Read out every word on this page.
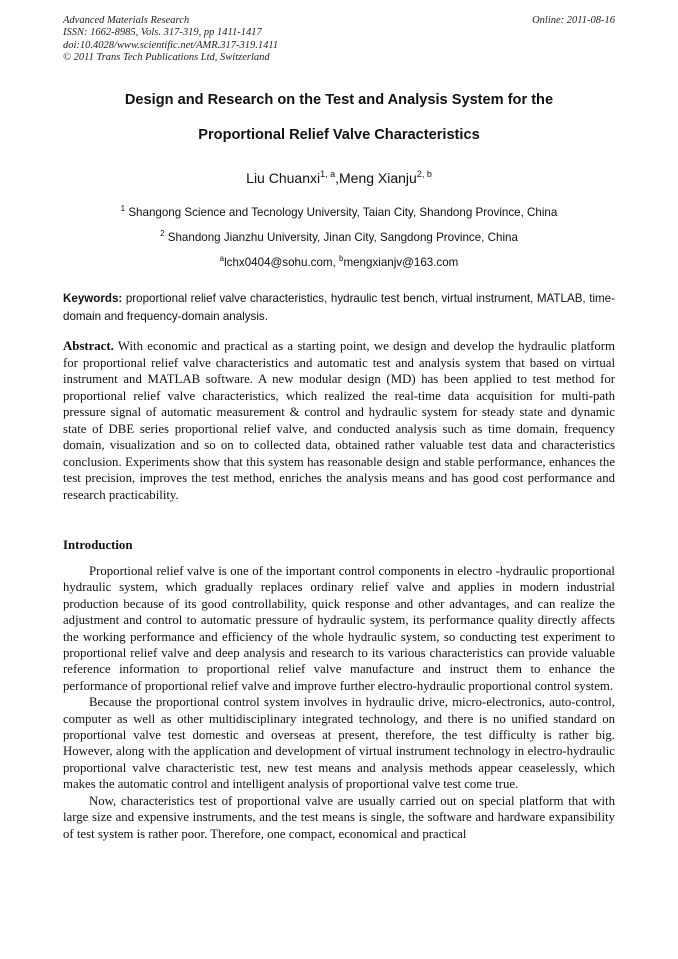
Advanced Materials Research
ISSN: 1662-8985, Vols. 317-319, pp 1411-1417
doi:10.4028/www.scientific.net/AMR.317-319.1411
© 2011 Trans Tech Publications Ltd, Switzerland
Online: 2011-08-16
Design and Research on the Test and Analysis System for the
Proportional Relief Valve Characteristics
Liu Chuanxi$^{1, a}$,Meng Xianju$^{2, b}$
$^1$ Shangong Science and Tecnology University, Taian City, Shandong Province, China
$^2$ Shandong Jianzhu University, Jinan City, Sangdong Province, China
$^a$lchx0404@sohu.com, $^b$mengxianjv@163.com
Keywords: proportional relief valve characteristics, hydraulic test bench, virtual instrument, MATLAB, time-domain and frequency-domain analysis.

Abstract. With economic and practical as a starting point, we design and develop the hydraulic platform for proportional relief valve characteristics and automatic test and analysis system that based on virtual instrument and MATLAB software. A new modular design (MD) has been applied to test method for proportional relief valve characteristics, which realized the real-time data acquisition for multi-path pressure signal of automatic measurement & control and hydraulic system for steady state and dynamic state of DBE series proportional relief valve, and conducted analysis such as time domain, frequency domain, visualization and so on to collected data, obtained rather valuable test data and characteristics conclusion. Experiments show that this system has reasonable design and stable performance, enhances the test precision, improves the test method, enriches the analysis means and has good cost performance and research practicability.

Introduction

Proportional relief valve is one of the important control components in electro -hydraulic proportional hydraulic system, which gradually replaces ordinary relief valve and applies in modern industrial production because of its good controllability, quick response and other advantages, and can realize the adjustment and control to automatic pressure of hydraulic system, its performance quality directly affects the working performance and efficiency of the whole hydraulic system, so conducting test experiment to proportional relief valve and deep analysis and research to its various characteristics can provide valuable reference information to proportional relief valve manufacture and instruct them to enhance the performance of proportional relief valve and improve further electro-hydraulic proportional control system.

Because the proportional control system involves in hydraulic drive, micro-electronics, auto-control, computer as well as other multidisciplinary integrated technology, and there is no unified standard on proportional valve test domestic and overseas at present, therefore, the test difficulty is rather big. However, along with the application and development of virtual instrument technology in electro-hydraulic proportional valve characteristic test, new test means and analysis methods appear ceaselessly, which makes the automatic control and intelligent analysis of proportional valve test come true.

Now, characteristics test of proportional valve are usually carried out on special platform that with large size and expensive instruments, and the test means is single, the software and hardware expansibility of test system is rather poor. Therefore, one compact, economical and practical
